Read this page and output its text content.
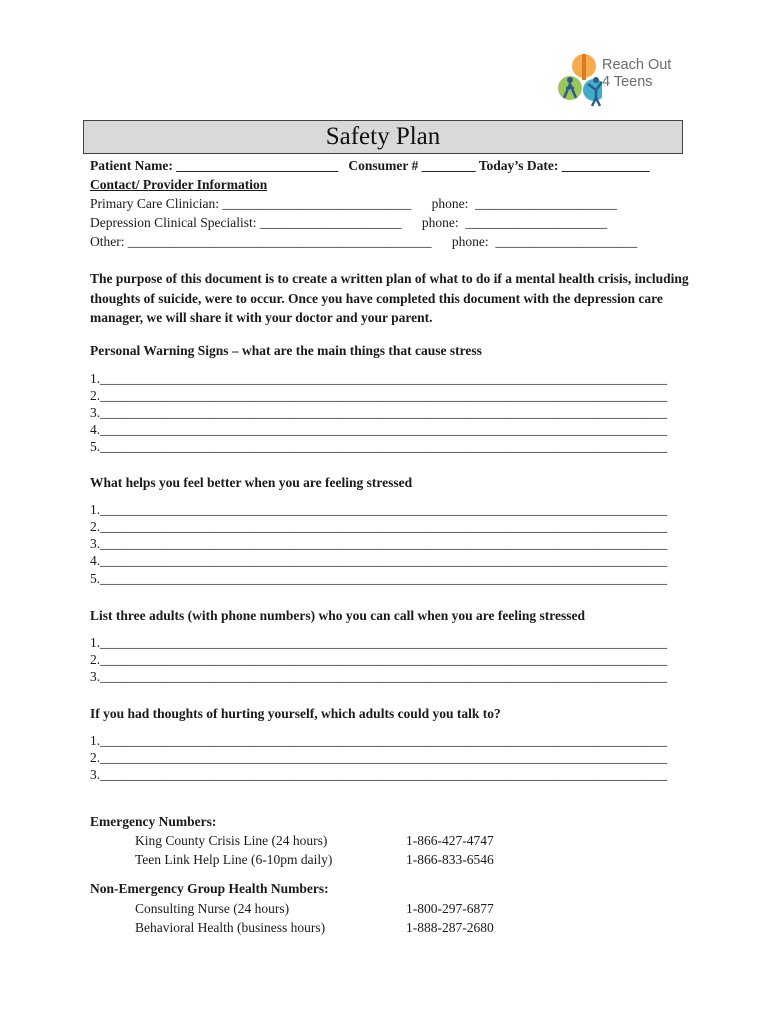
Reach Out
4 Teens
Safety Plan
Patient Name: ________________________   Consumer # ________ Today’s Date: _____________
Contact/ Provider Information
Primary Care Clinician: ____________________________      phone:  _____________________
Depression Clinical Specialist: _____________________      phone:  _____________________
Other: _____________________________________________      phone:  _____________________
The purpose of this document is to create a written plan of what to do if a mental health crisis, including thoughts of suicide, were to occur. Once you have completed this document with the depression care manager, we will share it with your doctor and your parent.
Personal Warning Signs – what are the main things that cause stress
1.____________________________________________________________________________________
2.____________________________________________________________________________________
3.____________________________________________________________________________________
4.____________________________________________________________________________________
5.____________________________________________________________________________________
What helps you feel better when you are feeling stressed
1.____________________________________________________________________________________
2.____________________________________________________________________________________
3.____________________________________________________________________________________
4.____________________________________________________________________________________
5.____________________________________________________________________________________
List three adults (with phone numbers) who you can call when you are feeling stressed
1.____________________________________________________________________________________
2.____________________________________________________________________________________
3.____________________________________________________________________________________
If you had thoughts of hurting yourself, which adults could you talk to?
1.____________________________________________________________________________________
2.____________________________________________________________________________________
3.____________________________________________________________________________________
Emergency Numbers:
King County Crisis Line (24 hours)	1-866-427-4747
Teen Link Help Line (6-10pm daily)	1-866-833-6546
Non-Emergency Group Health Numbers:
Consulting Nurse (24 hours)	1-800-297-6877
Behavioral Health (business hours)	1-888-287-2680
